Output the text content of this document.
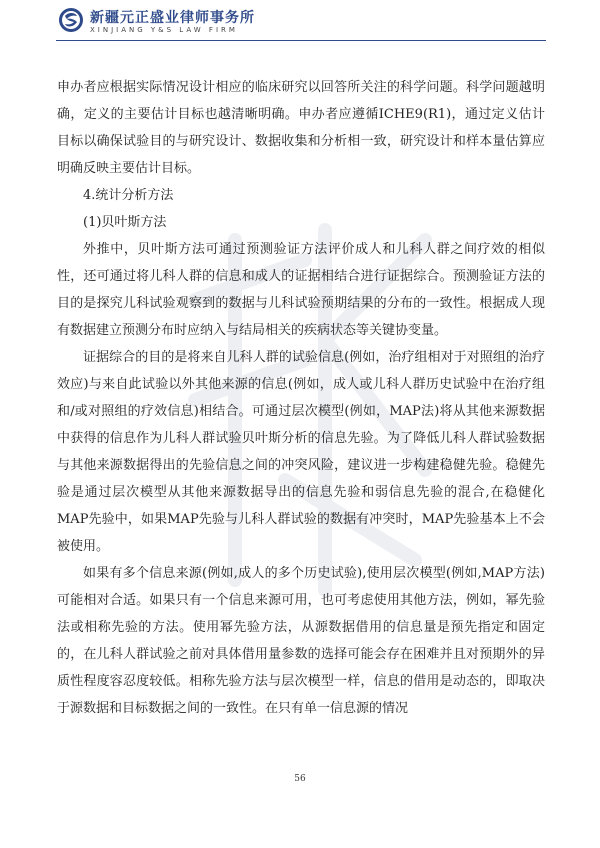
新疆元正盛业律师事务所
XINJIANG Y&S LAW FIRM

申办者应根据实际情况设计相应的临床研究以回答所关注的科学问题。科学问题越明确，定义的主要估计目标也越清晰明确。申办者应遵循ICHE9(R1)，通过定义估计目标以确保试验目的与研究设计、数据收集和分析相一致，研究设计和样本量估算应明确反映主要估计目标。

4.统计分析方法

(1)贝叶斯方法

外推中，贝叶斯方法可通过预测验证方法评价成人和儿科人群之间疗效的相似性，还可通过将儿科人群的信息和成人的证据相结合进行证据综合。预测验证方法的目的是探究儿科试验观察到的数据与儿科试验预期结果的分布的一致性。根据成人现有数据建立预测分布时应纳入与结局相关的疾病状态等关键协变量。

证据综合的目的是将来自儿科人群的试验信息(例如，治疗组相对于对照组的治疗效应)与来自此试验以外其他来源的信息(例如，成人或儿科人群历史试验中在治疗组和/或对照组的疗效信息)相结合。可通过层次模型(例如，MAP法)将从其他来源数据中获得的信息作为儿科人群试验贝叶斯分析的信息先验。为了降低儿科人群试验数据与其他来源数据得出的先验信息之间的冲突风险，建议进一步构建稳健先验。稳健先验是通过层次模型从其他来源数据导出的信息先验和弱信息先验的混合,在稳健化MAP先验中，如果MAP先验与儿科人群试验的数据有冲突时，MAP先验基本上不会被使用。

如果有多个信息来源(例如,成人的多个历史试验),使用层次模型(例如,MAP方法)可能相对合适。如果只有一个信息来源可用，也可考虑使用其他方法，例如，幂先验法或相称先验的方法。使用幂先验方法，从源数据借用的信息量是预先指定和固定的，在儿科人群试验之前对具体借用量参数的选择可能会存在困难并且对预期外的异质性程度容忍度较低。相称先验方法与层次模型一样，信息的借用是动态的，即取决于源数据和目标数据之间的一致性。在只有单一信息源的情况

56
